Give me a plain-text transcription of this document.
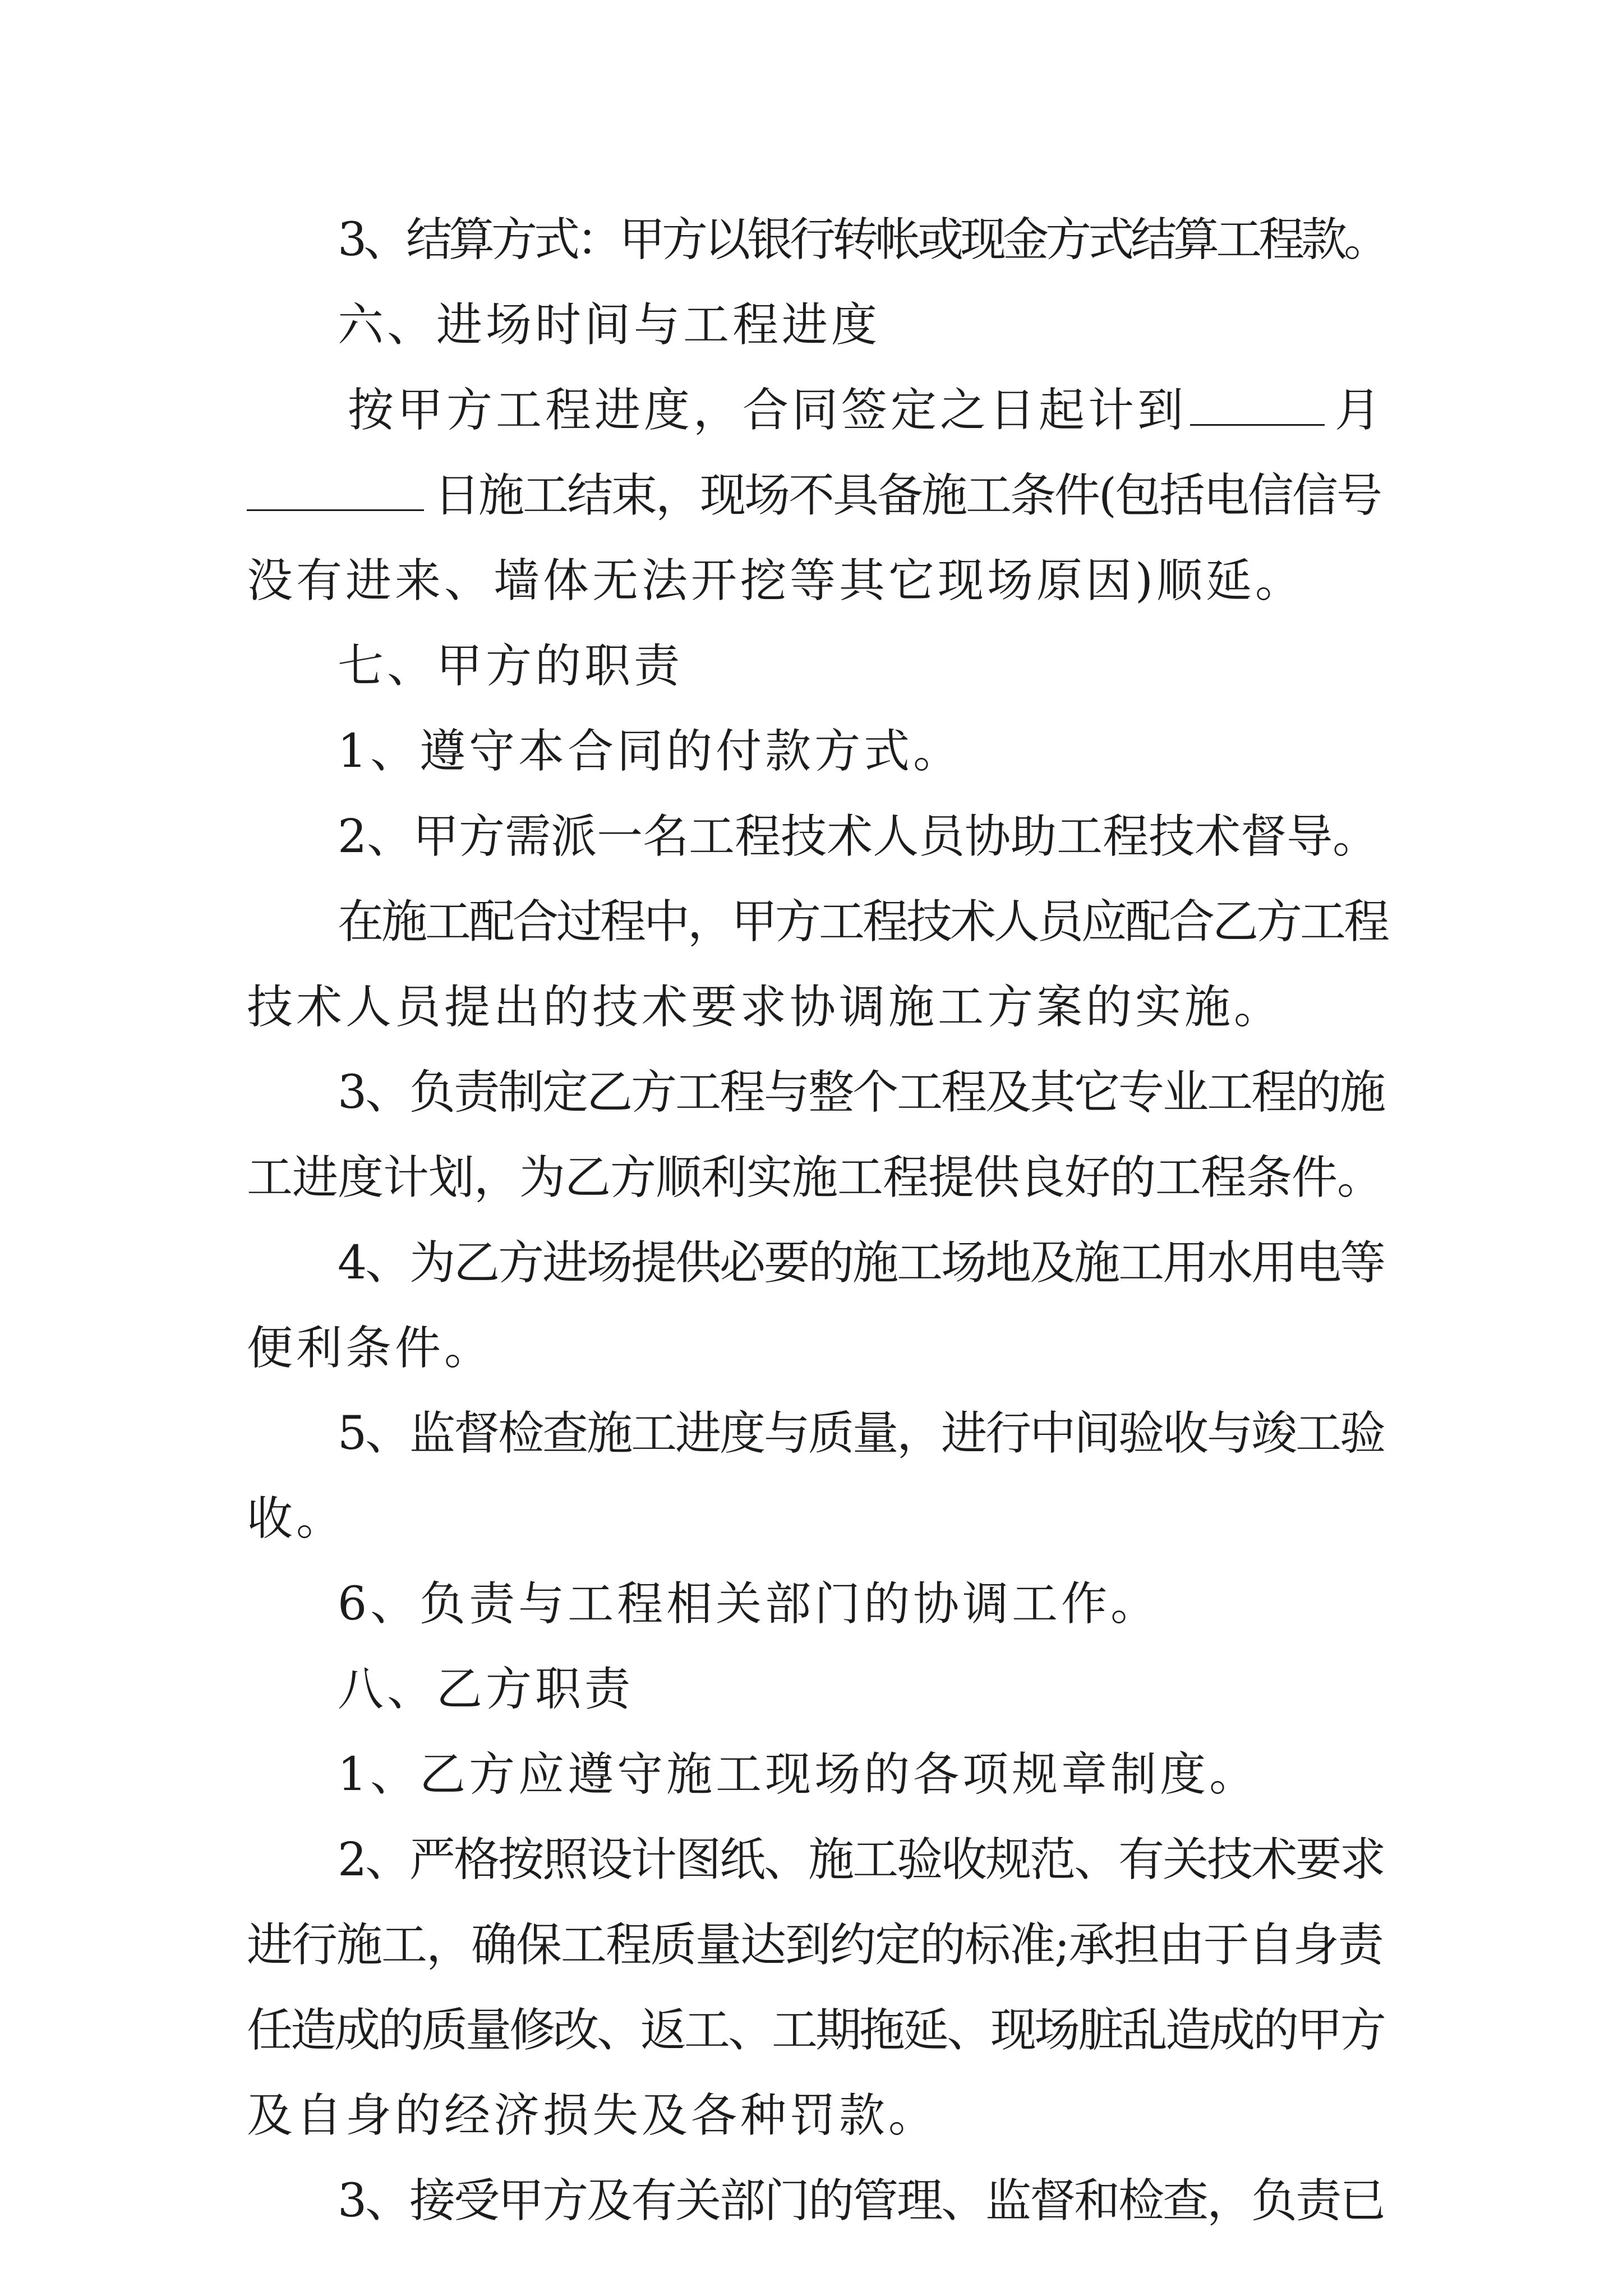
3、结算方式：甲方以银行转帐或现金方式结算工程款。

六、进场时间与工程进度

按甲方工程进度，合同签定之日起计到	月

日施工结束，现场不具备施工条件(包括电信信号

没有进来、墙体无法开挖等其它现场原因)顺延。

七、甲方的职责

1、遵守本合同的付款方式。

2、甲方需派一名工程技术人员协助工程技术督导。

在施工配合过程中，甲方工程技术人员应配合乙方工程

技术人员提出的技术要求协调施工方案的实施。

3、负责制定乙方工程与整个工程及其它专业工程的施

工进度计划，为乙方顺利实施工程提供良好的工程条件。

4、为乙方进场提供必要的施工场地及施工用水用电等

便利条件。

5、监督检查施工进度与质量，进行中间验收与竣工验

收。

6、负责与工程相关部门的协调工作。

八、乙方职责

1、乙方应遵守施工现场的各项规章制度。

2、严格按照设计图纸、施工验收规范、有关技术要求

进行施工，确保工程质量达到约定的标准;承担由于自身责

任造成的质量修改、返工、工期拖延、现场脏乱造成的甲方

及自身的经济损失及各种罚款。

3、接受甲方及有关部门的管理、监督和检查，负责已
